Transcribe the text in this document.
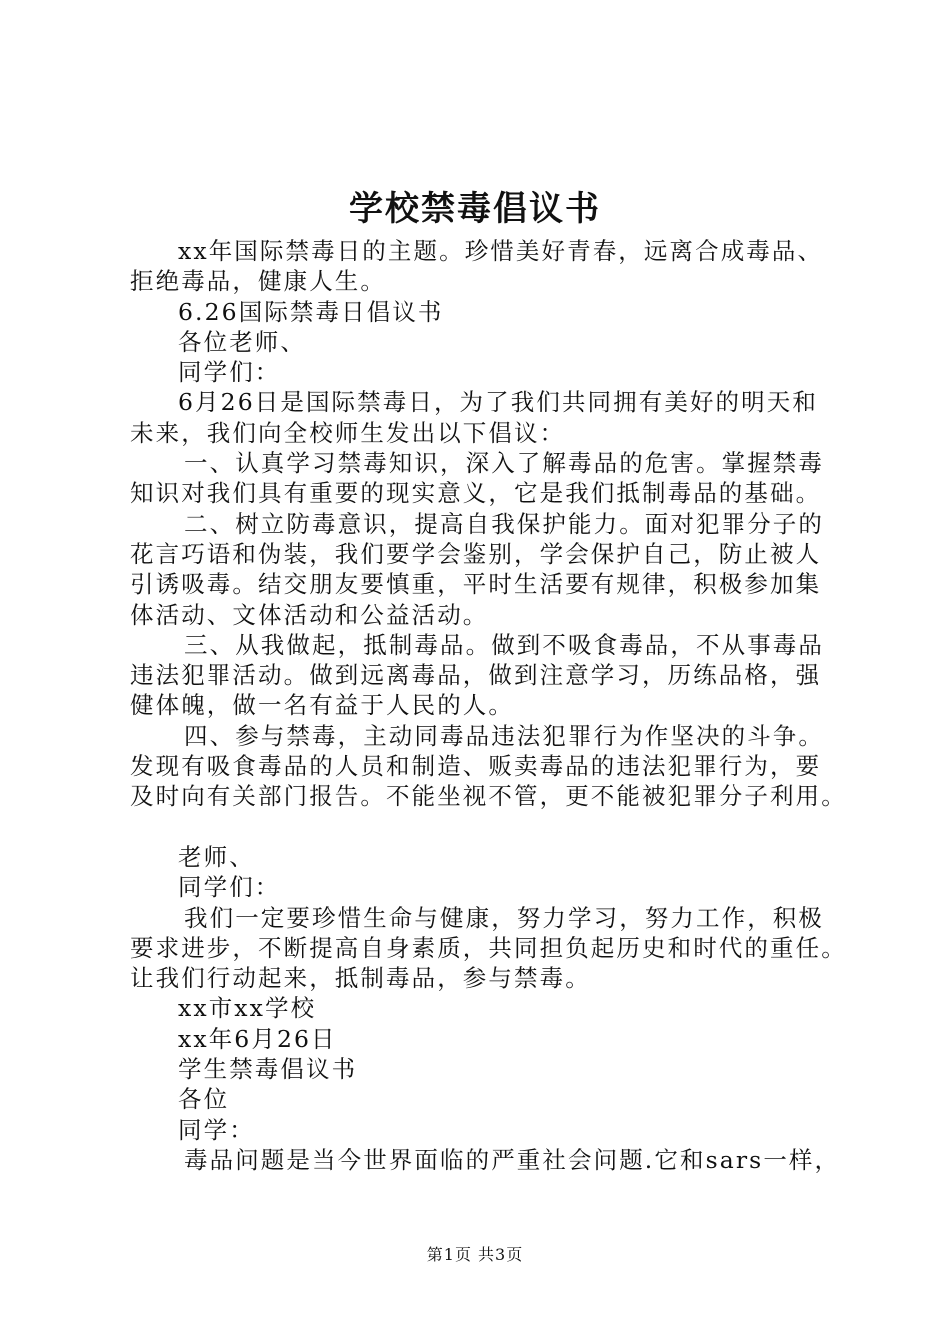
学校禁毒倡议书
xx年国际禁毒日的主题。珍惜美好青春，远离合成毒品、
拒绝毒品，健康人生。
6.26国际禁毒日倡议书
各位老师、
同学们：
6月26日是国际禁毒日，为了我们共同拥有美好的明天和
未来，我们向全校师生发出以下倡议：
一、认真学习禁毒知识，深入了解毒品的危害。掌握禁毒
知识对我们具有重要的现实意义，它是我们抵制毒品的基础。
二、树立防毒意识，提高自我保护能力。面对犯罪分子的
花言巧语和伪装，我们要学会鉴别，学会保护自己，防止被人
引诱吸毒。结交朋友要慎重，平时生活要有规律，积极参加集
体活动、文体活动和公益活动。
三、从我做起，抵制毒品。做到不吸食毒品，不从事毒品
违法犯罪活动。做到远离毒品，做到注意学习，历练品格，强
健体魄，做一名有益于人民的人。
四、参与禁毒，主动同毒品违法犯罪行为作坚决的斗争。
发现有吸食毒品的人员和制造、贩卖毒品的违法犯罪行为，要
及时向有关部门报告。不能坐视不管，更不能被犯罪分子利用。
老师、
同学们：
我们一定要珍惜生命与健康，努力学习，努力工作，积极
要求进步，不断提高自身素质，共同担负起历史和时代的重任。
让我们行动起来，抵制毒品，参与禁毒。
xx市xx学校
xx年6月26日
学生禁毒倡议书
各位
同学：
毒品问题是当今世界面临的严重社会问题.它和sars一样，
第1页 共3页
